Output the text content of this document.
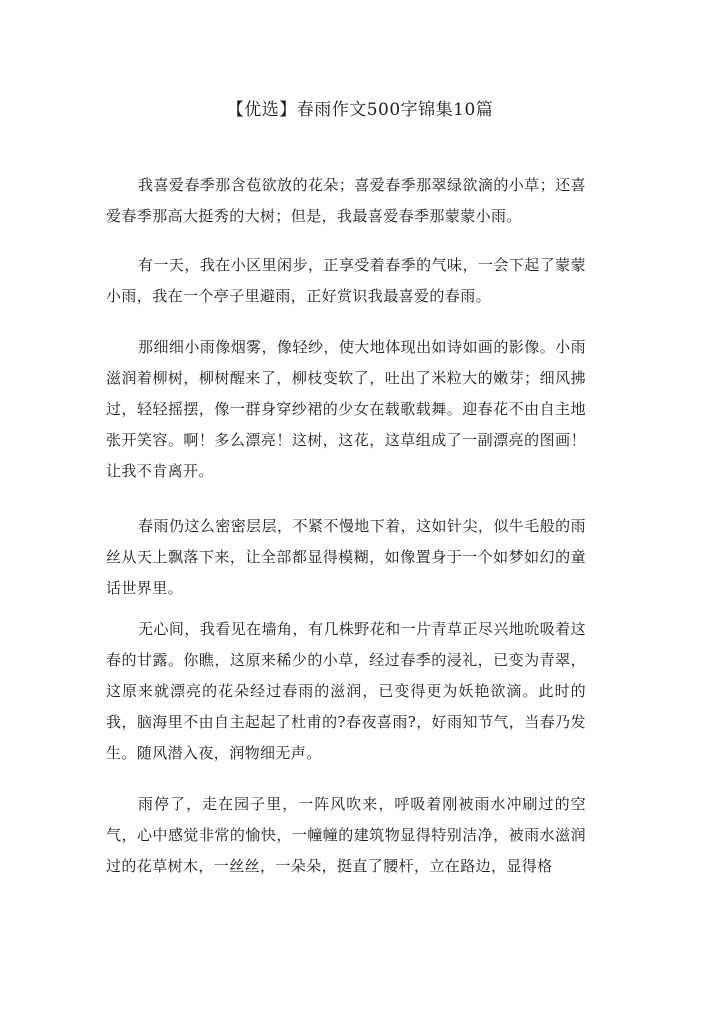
【优选】春雨作文500字锦集10篇

我喜爱春季那含苞欲放的花朵；喜爱春季那翠绿欲滴的小草；还喜爱春季那高大挺秀的大树；但是，我最喜爱春季那蒙蒙小雨。

有一天，我在小区里闲步，正享受着春季的气味，一会下起了蒙蒙小雨，我在一个亭子里避雨，正好赏识我最喜爱的春雨。

那细细小雨像烟雾，像轻纱，使大地体现出如诗如画的影像。小雨滋润着柳树，柳树醒来了，柳枝变软了，吐出了米粒大的嫩芽；细风拂过，轻轻摇摆，像一群身穿纱裙的少女在载歌载舞。迎春花不由自主地张开笑容。啊！多么漂亮！这树，这花，这草组成了一副漂亮的图画！让我不肯离开。

春雨仍这么密密层层，不紧不慢地下着，这如针尖，似牛毛般的雨丝从天上飘落下来，让全部都显得模糊，如像置身于一个如梦如幻的童话世界里。

无心间，我看见在墙角，有几株野花和一片青草正尽兴地吮吸着这春的甘露。你瞧，这原来稀少的小草，经过春季的浸礼，已变为青翠，这原来就漂亮的花朵经过春雨的滋润，已变得更为妖艳欲滴。此时的我，脑海里不由自主起起了杜甫的?春夜喜雨?，好雨知节气，当春乃发生。随风潜入夜，润物细无声。

雨停了，走在园子里，一阵风吹来，呼吸着刚被雨水冲刷过的空气，心中感觉非常的愉快，一幢幢的建筑物显得特别洁净，被雨水滋润过的花草树木，一丝丝，一朵朵，挺直了腰杆，立在路边，显得格
